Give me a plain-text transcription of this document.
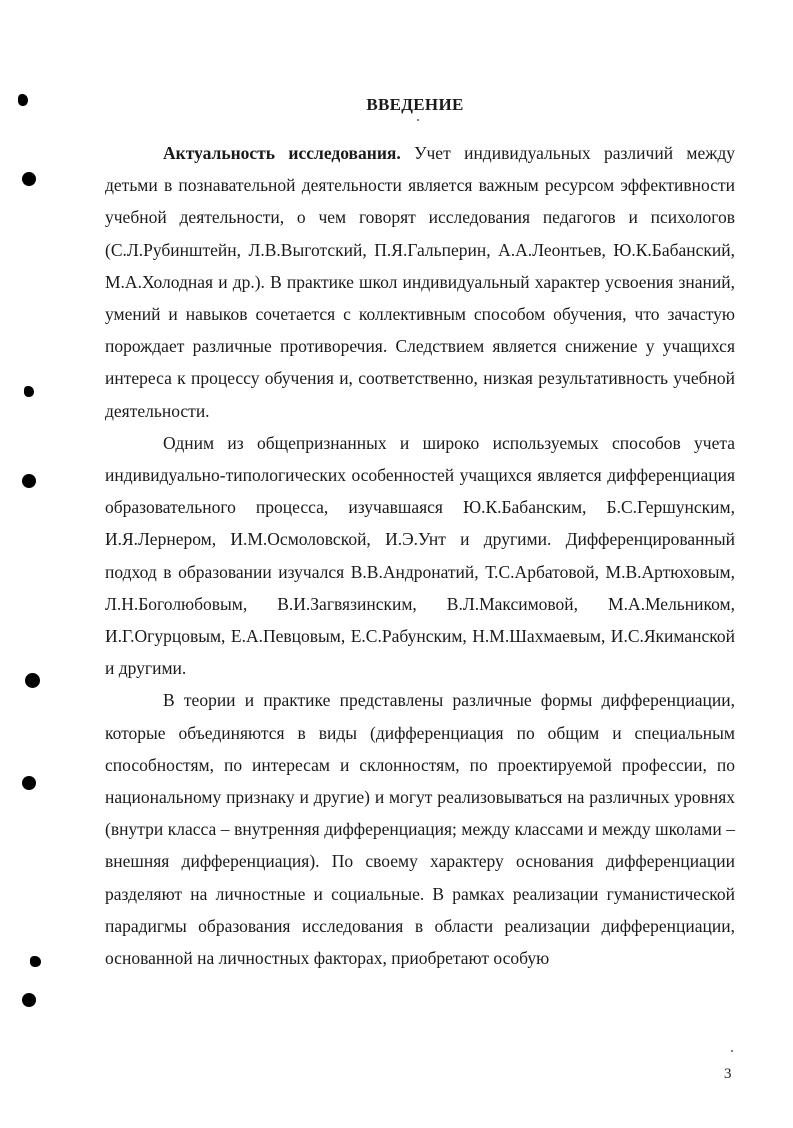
ВВЕДЕНИЕ

Актуальность исследования. Учет индивидуальных различий между детьми в познавательной деятельности является важным ресурсом эффективности учебной деятельности, о чем говорят исследования педагогов и психологов (С.Л.Рубинштейн, Л.В.Выготский, П.Я.Гальперин, А.А.Леонтьев, Ю.К.Бабанский, М.А.Холодная и др.). В практике школ индивидуальный характер усвоения знаний, умений и навыков сочетается с коллективным способом обучения, что зачастую порождает различные противоречия. Следствием является снижение у учащихся интереса к процессу обучения и, соответственно, низкая результативность учебной деятельности.

Одним из общепризнанных и широко используемых способов учета индивидуально-типологических особенностей учащихся является дифференциация образовательного процесса, изучавшаяся Ю.К.Бабанским, Б.С.Гершунским, И.Я.Лернером, И.М.Осмоловской, И.Э.Унт и другими. Дифференцированный подход в образовании изучался В.В.Андронатий, Т.С.Арбатовой, М.В.Артюховым, Л.Н.Боголюбовым, В.И.Загвязинским, В.Л.Максимовой, М.А.Мельником, И.Г.Огурцовым, Е.А.Певцовым, Е.С.Рабунским, Н.М.Шахмаевым, И.С.Якиманской и другими.

В теории и практике представлены различные формы дифференциации, которые объединяются в виды (дифференциация по общим и специальным способностям, по интересам и склонностям, по проектируемой профессии, по национальному признаку и другие) и могут реализовываться на различных уровнях (внутри класса – внутренняя дифференциация; между классами и между школами – внешняя дифференциация). По своему характеру основания дифференциации разделяют на личностные и социальные. В рамках реализации гуманистической парадигмы образования исследования в области реализации дифференциации, основанной на личностных факторах, приобретают особую

3
